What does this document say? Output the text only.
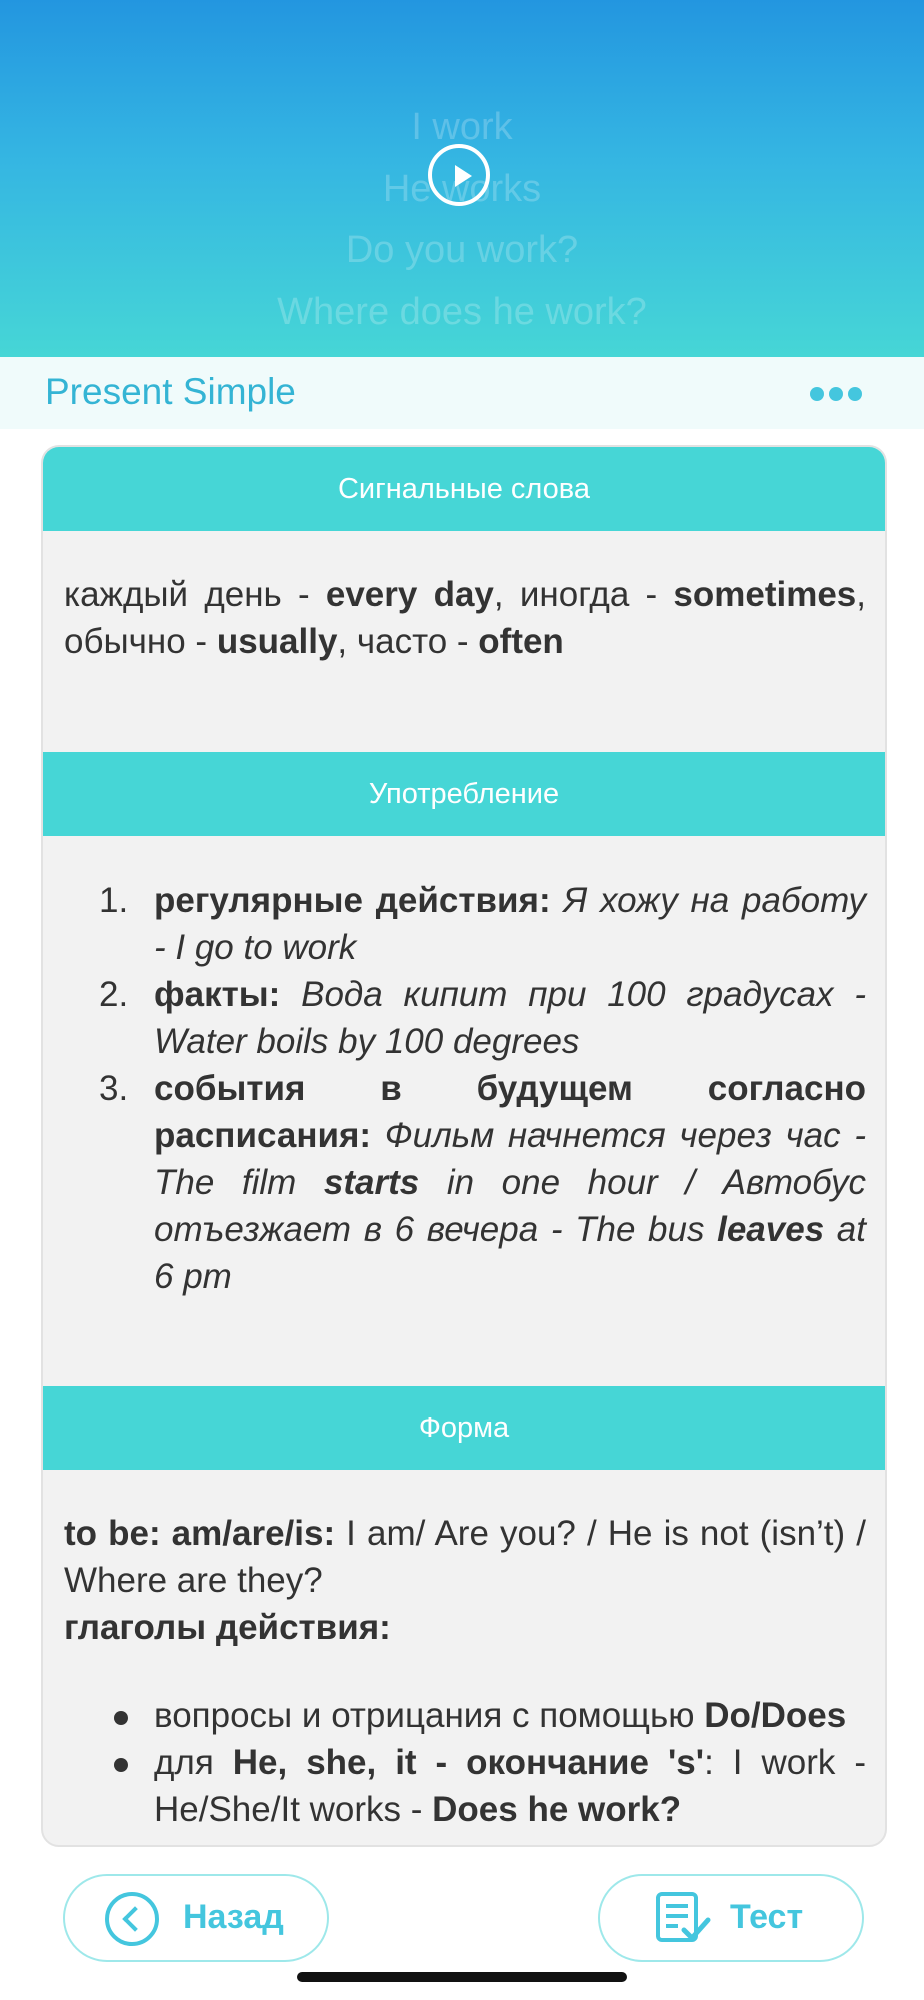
I work
He works
Do you work?
Where does he work?
Present Simple
Сигнальные слова
каждый день - every day, иногда - sometimes, обычно - usually, часто - often
Употребление
1. регулярные действия: Я хожу на работу - I go to work
2. факты: Вода кипит при 100 градусах - Water boils by 100 degrees
3. события в будущем согласно расписания: Фильм начнется через час - The film starts in one hour / Автобус отъезжает в 6 вечера - The bus leaves at 6 pm
Форма
to be: am/are/is: I am/ Are you? / He is not (isn’t) / Where are they?
глаголы действия:
вопросы и отрицания с помощью Do/Does
для He, she, it - окончание 's': I work - He/She/It works - Does he work?
Назад	Тест
